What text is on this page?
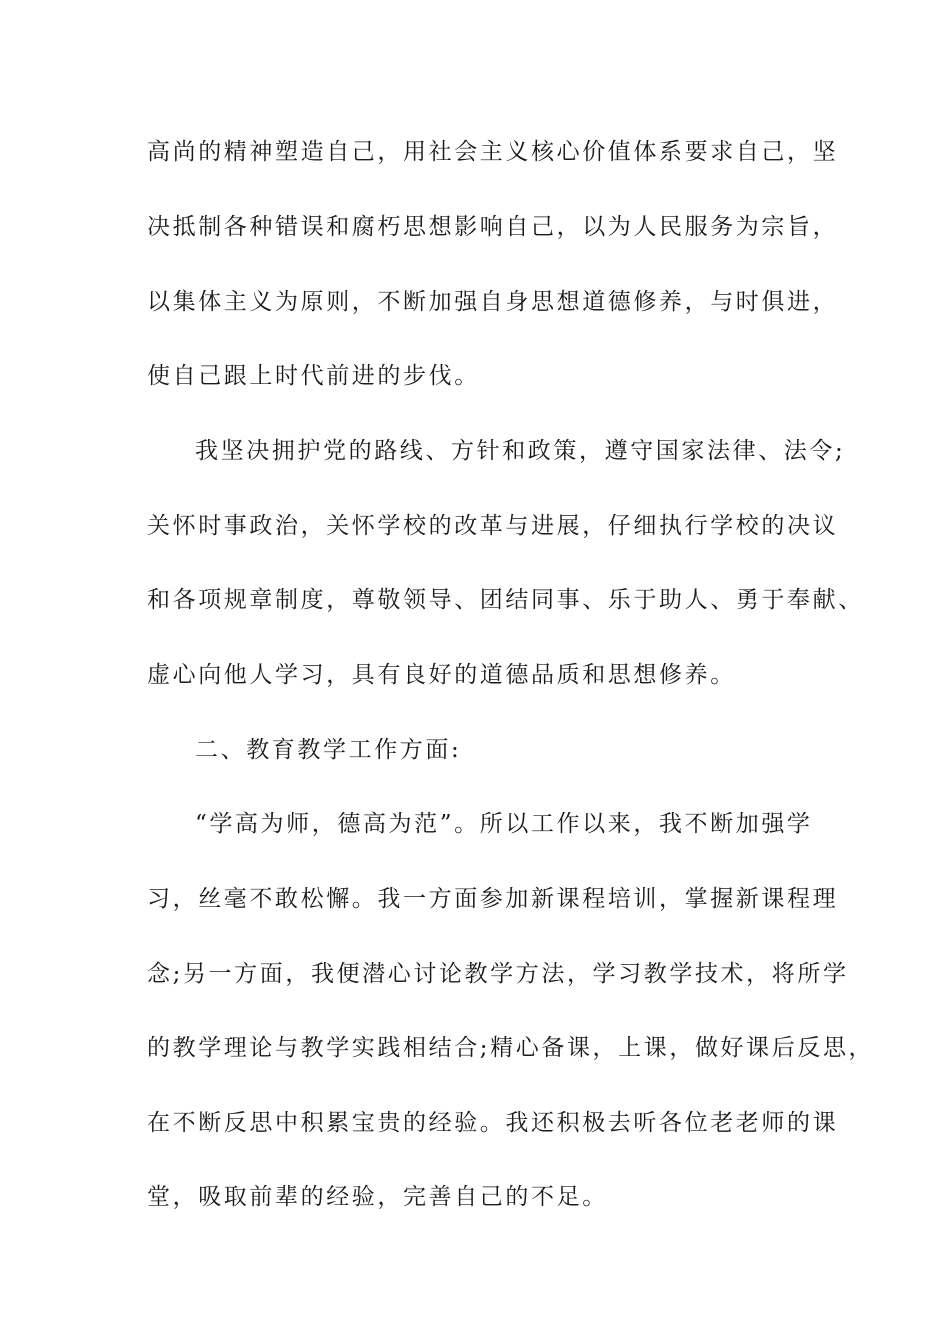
高尚的精神塑造自己，用社会主义核心价值体系要求自己，坚
决抵制各种错误和腐朽思想影响自己，以为人民服务为宗旨，
以集体主义为原则，不断加强自身思想道德修养，与时俱进，
使自己跟上时代前进的步伐。
我坚决拥护党的路线、方针和政策，遵守国家法律、法令;
关怀时事政治，关怀学校的改革与进展，仔细执行学校的决议
和各项规章制度，尊敬领导、团结同事、乐于助人、勇于奉献、
虚心向他人学习，具有良好的道德品质和思想修养。
二、教育教学工作方面:
“学高为师，德高为范”。所以工作以来，我不断加强学
习，丝毫不敢松懈。我一方面参加新课程培训，掌握新课程理
念;另一方面，我便潜心讨论教学方法，学习教学技术，将所学
的教学理论与教学实践相结合;精心备课，上课，做好课后反思，
在不断反思中积累宝贵的经验。我还积极去听各位老老师的课
堂，吸取前辈的经验，完善自己的不足。
